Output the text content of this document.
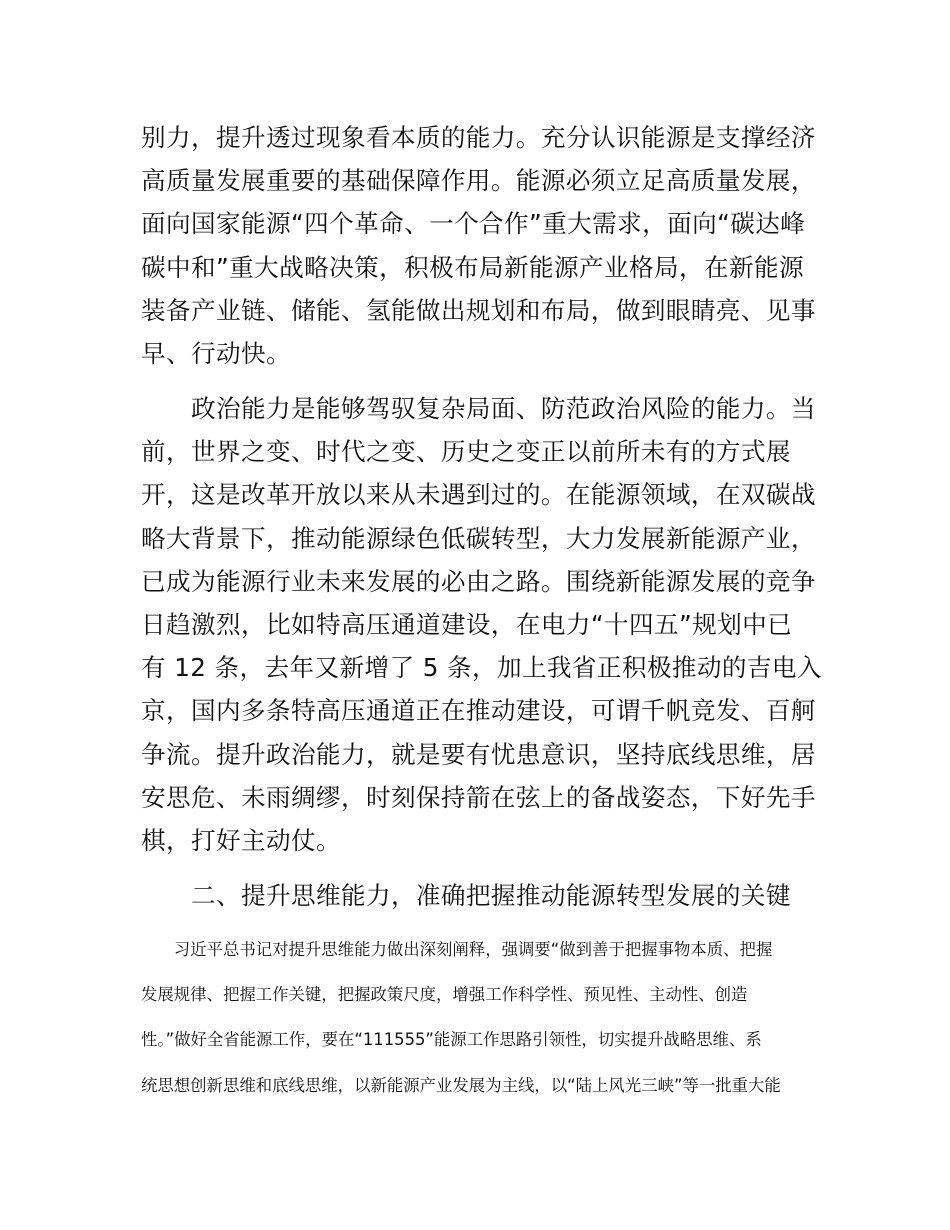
别力，提升透过现象看本质的能力。充分认识能源是支撑经济
高质量发展重要的基础保障作用。能源必须立足高质量发展，
面向国家能源“四个革命、一个合作”重大需求，面向“碳达峰
碳中和”重大战略决策，积极布局新能源产业格局，在新能源
装备产业链、储能、氢能做出规划和布局，做到眼睛亮、见事
早、行动快。
　　政治能力是能够驾驭复杂局面、防范政治风险的能力。当
前，世界之变、时代之变、历史之变正以前所未有的方式展
开，这是改革开放以来从未遇到过的。在能源领域，在双碳战
略大背景下，推动能源绿色低碳转型，大力发展新能源产业，
已成为能源行业未来发展的必由之路。围绕新能源发展的竞争
日趋激烈，比如特高压通道建设，在电力“十四五”规划中已
有 12 条，去年又新增了 5 条，加上我省正积极推动的吉电入
京，国内多条特高压通道正在推动建设，可谓千帆竞发、百舸
争流。提升政治能力，就是要有忧患意识，坚持底线思维，居
安思危、未雨绸缪，时刻保持箭在弦上的备战姿态，下好先手
棋，打好主动仗。
　　二、提升思维能力，准确把握推动能源转型发展的关键
　　习近平总书记对提升思维能力做出深刻阐释，强调要“做到善于把握事物本质、把握
发展规律、把握工作关键，把握政策尺度，增强工作科学性、预见性、主动性、创造
性。”做好全省能源工作，要在“111555”能源工作思路引领性，切实提升战略思维、系
统思想创新思维和底线思维，以新能源产业发展为主线，以“陆上风光三峡”等一批重大能
